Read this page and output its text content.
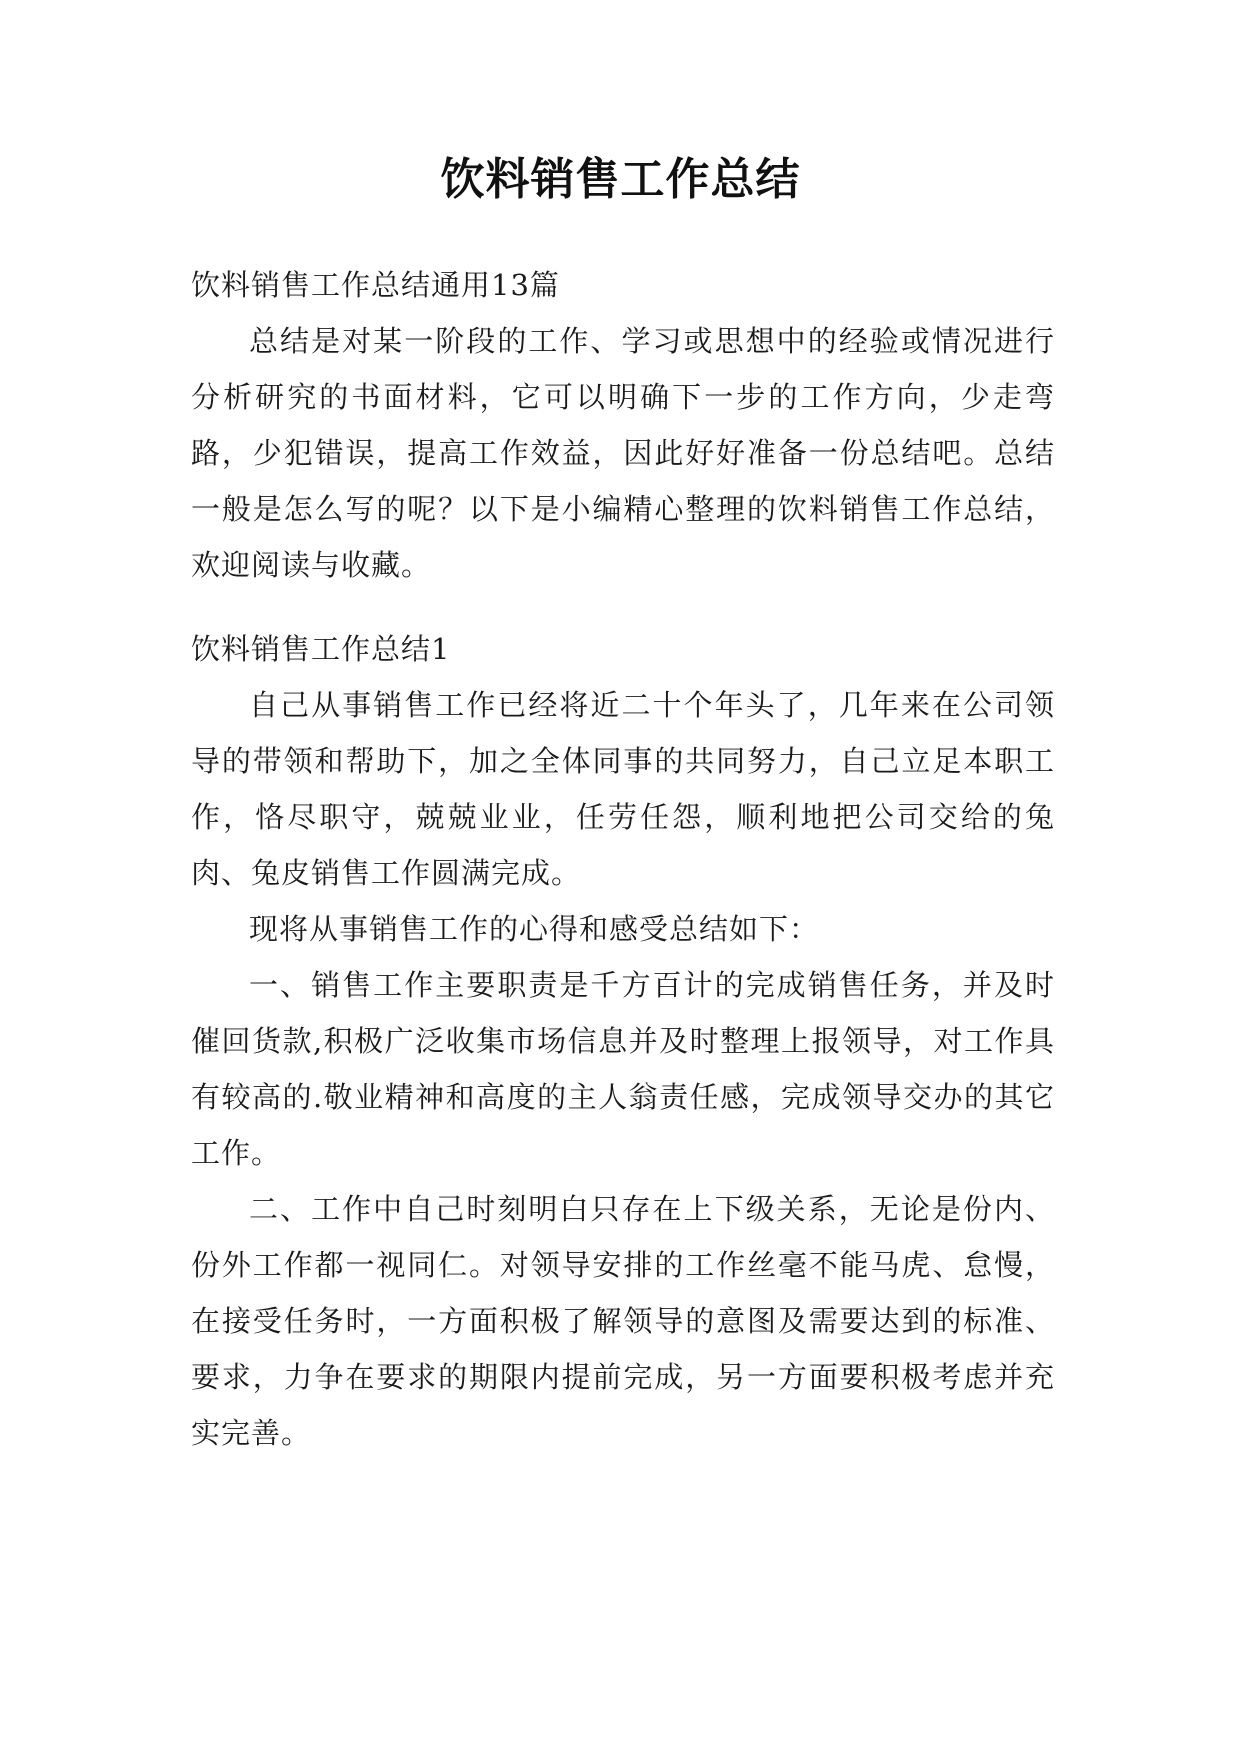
饮料销售工作总结
饮料销售工作总结通用13篇

总结是对某一阶段的工作、学习或思想中的经验或情况进行分析研究的书面材料，它可以明确下一步的工作方向，少走弯路，少犯错误，提高工作效益，因此好好准备一份总结吧。总结一般是怎么写的呢？以下是小编精心整理的饮料销售工作总结，欢迎阅读与收藏。

饮料销售工作总结1

自己从事销售工作已经将近二十个年头了，几年来在公司领导的带领和帮助下，加之全体同事的共同努力，自己立足本职工作，恪尽职守，兢兢业业，任劳任怨，顺利地把公司交给的兔肉、兔皮销售工作圆满完成。

现将从事销售工作的心得和感受总结如下：

一、销售工作主要职责是千方百计的完成销售任务，并及时催回货款,积极广泛收集市场信息并及时整理上报领导，对工作具有较高的.敬业精神和高度的主人翁责任感，完成领导交办的其它工作。

二、工作中自己时刻明白只存在上下级关系，无论是份内、份外工作都一视同仁。对领导安排的工作丝毫不能马虎、怠慢，在接受任务时，一方面积极了解领导的意图及需要达到的标准、要求，力争在要求的期限内提前完成，另一方面要积极考虑并充实完善。
